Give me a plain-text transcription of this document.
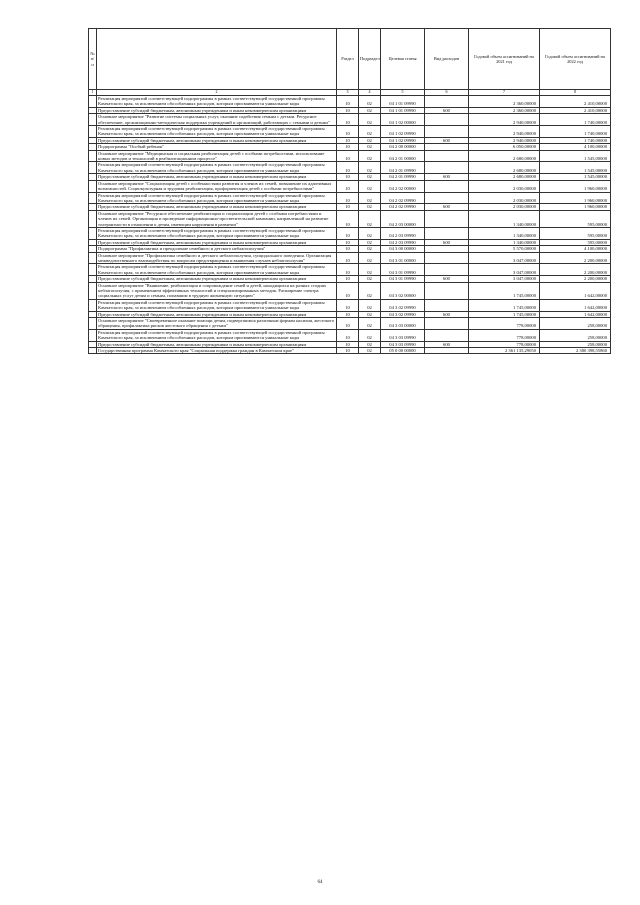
№ п/п		Раздел	Подраздел	Целевая статья	Вид расходов	Годовой объем ассигнований на 2021 год	Годовой объем ассигнований на 2022 год
1	2	3	4	5	6	7	8
	Реализация мероприятий соответствующей подпрограммы в рамках соответствующей государственной программы Камчатского края, за исключением обособленных расходов, которым присваиваются уникальные коды	10	02	04 1 01 09990		2 360,00000	2 410,00000
	Предоставление субсидий бюджетным, автономным учреждениям и иным некоммерческим организациям	10	02	04 1 01 09990	600	2 360,00000	2 410,00000
	Основное мероприятие "Развитие системы социальных услуг, оказание содействия семьям с детьми. Ресурсное обеспечение, организационно-методическая поддержка учреждений и организаций, работающих с семьями и детьми"	10	02	04 1 02 00000		2 940,00000	1 740,00000
	Реализация мероприятий соответствующей подпрограммы в рамках соответствующей государственной программы Камчатского края, за исключением обособленных расходов, которым присваиваются уникальные коды	10	02	04 1 02 09990		2 940,00000	1 740,00000
	Предоставление субсидий бюджетным, автономным учреждениям и иным некоммерческим организациям	10	02	04 1 02 09990	600	2 940,00000	1 740,00000
	Подпрограмма "Особый ребенок"	10	02	04 2 00 00000		6 050,00000	4 100,00000
	Основное мероприятие "Медицинская и социальная реабилитация детей с особыми потребностями, использование новых методов и технологий в реабилитационном процессе"	10	02	04 2 01 00000		2 680,00000	1 545,00000
	Реализация мероприятий соответствующей подпрограммы в рамках соответствующей государственной программы Камчатского края, за исключением обособленных расходов, которым присваиваются уникальные коды	10	02	04 2 01 09990		2 680,00000	1 545,00000
	Предоставление субсидий бюджетным, автономным учреждениям и иным некоммерческим организациям	10	02	04 2 01 09990	600	2 680,00000	1 545,00000
	Основное мероприятие "Социализация детей с особенностями развития и членов их семей, повышение их адаптивных возможностей. Социокультурная и трудовая реабилитация, профориентация детей с особыми потребностями"	10	02	04 2 02 00000		2 030,00000	1 960,00000
	Реализация мероприятий соответствующей подпрограммы в рамках соответствующей государственной программы Камчатского края, за исключением обособленных расходов, которым присваиваются уникальные коды	10	02	04 2 02 09990		2 030,00000	1 960,00000
	Предоставление субсидий бюджетным, автономным учреждениям и иным некоммерческим организациям	10	02	04 2 02 09990	600	2 030,00000	1 960,00000
	Основное мероприятие "Ресурсное обеспечение реабилитации и социализации детей с особыми потребностями и членов их семей. Организация и проведение информационно-просветительской кампании, направленной на развитие толерантности в отношении к детям, имеющим нарушения в развитии"	10	02	04 2 03 00000		1 340,00000	595,00000
	Реализация мероприятий соответствующей подпрограммы в рамках соответствующей государственной программы Камчатского края, за исключением обособленных расходов, которым присваиваются уникальные коды	10	02	04 2 03 09990		1 340,00000	595,00000
	Предоставление субсидий бюджетным, автономным учреждениям и иным некоммерческим организациям	10	02	04 2 03 09990	600	1 340,00000	595,00000
	Подпрограмма "Профилактика и преодоление семейного и детского неблагополучия"	10	02	04 3 00 00000		5 570,00000	4 100,00000
	Основное мероприятие "Профилактика семейного и детского неблагополучия, суицидального поведения. Организация межведомственного взаимодействия по вопросам предотвращения и выявления случаев неблагополучия"	10	02	04 3 01 00000		3 047,00000	2 200,00000
	Реализация мероприятий соответствующей подпрограммы в рамках соответствующей государственной программы Камчатского края, за исключением обособленных расходов, которым присваиваются уникальные коды	10	02	04 3 01 09990		3 047,00000	2 200,00000
	Предоставление субсидий бюджетным, автономным учреждениям и иным некоммерческим организациям	10	02	04 3 01 09990	600	3 047,00000	2 200,00000
	Основное мероприятие "Выявление, реабилитация и сопровождение семей и детей, находящихся на разных стадиях неблагополучия, с применением эффективных технологий и специализированных методик. Расширение спектра социальных услуг детям и семьям, попавшим в трудную жизненную ситуацию"	10	02	04 3 02 00000		1 745,00000	1 642,00000
	Реализация мероприятий соответствующей подпрограммы в рамках соответствующей государственной программы Камчатского края, за исключением обособленных расходов, которым присваиваются уникальные коды	10	02	04 3 02 09990		1 745,00000	1 642,00000
	Предоставление субсидий бюджетным, автономным учреждениям и иным некоммерческим организациям	10	02	04 3 02 09990	600	1 745,00000	1 642,00000
	Основное мероприятие "Своевременное оказание помощи детям, подвергшимся различным формам насилия, жестокого обращения, профилактика рисков жестокого обращения с детьми"	10	02	04 3 03 00000		778,00000	258,00000
	Реализация мероприятий соответствующей подпрограммы в рамках соответствующей государственной программы Камчатского края, за исключением обособленных расходов, которым присваиваются уникальные коды	10	02	04 3 03 09990		778,00000	258,00000
	Предоставление субсидий бюджетным, автономным учреждениям и иным некоммерческим организациям	10	02	04 3 03 09990	600	778,00000	258,00000
	Государственная программа Камчатского края "Социальная поддержка граждан в Камчатском крае"	10	02	05 0 00 00000		2 361 135,29050	2 380 398,55860
64
